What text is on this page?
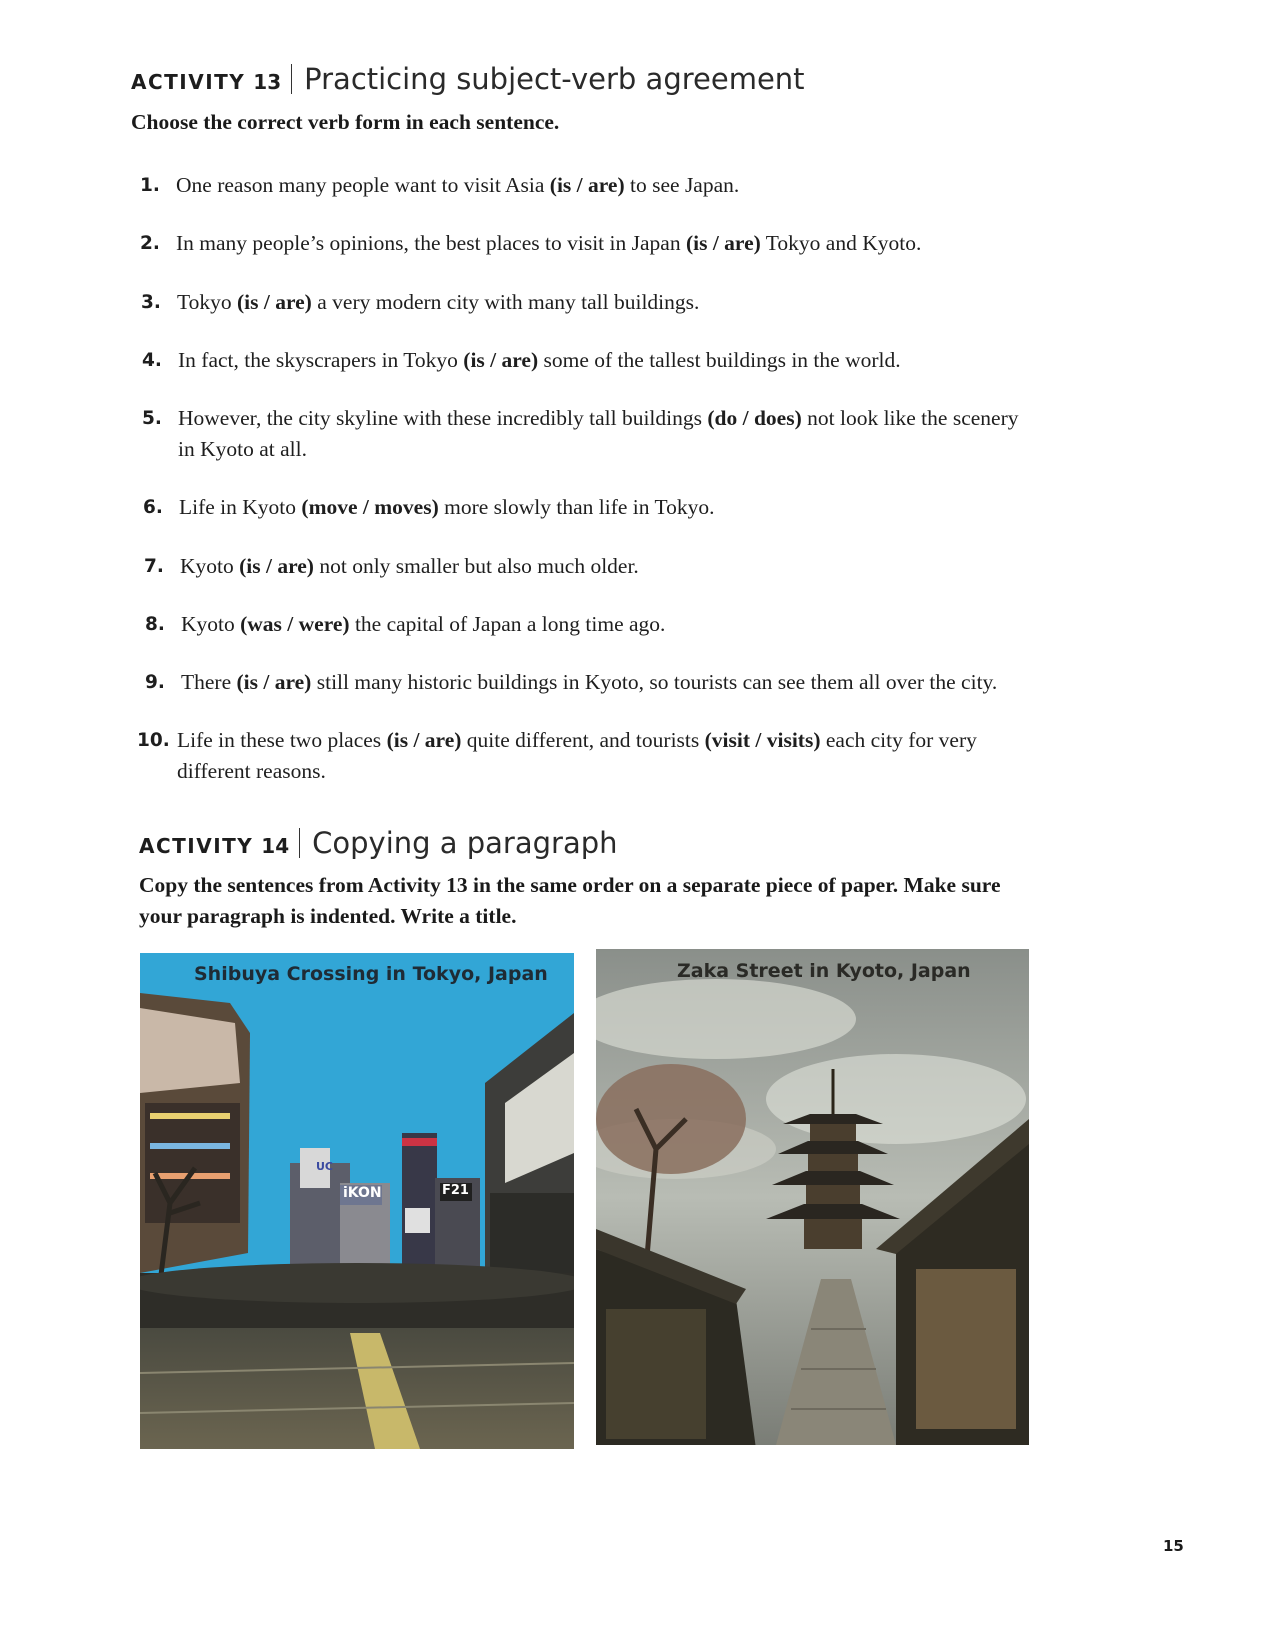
ACTIVITY 13 Practicing subject-verb agreement
Choose the correct verb form in each sentence.
1. One reason many people want to visit Asia (is / are) to see Japan.
2. In many people’s opinions, the best places to visit in Japan (is / are) Tokyo and Kyoto.
3. Tokyo (is / are) a very modern city with many tall buildings.
4. In fact, the skyscrapers in Tokyo (is / are) some of the tallest buildings in the world.
5. However, the city skyline with these incredibly tall buildings (do / does) not look like the scenery in Kyoto at all.
6. Life in Kyoto (move / moves) more slowly than life in Tokyo.
7. Kyoto (is / are) not only smaller but also much older.
8. Kyoto (was / were) the capital of Japan a long time ago.
9. There (is / are) still many historic buildings in Kyoto, so tourists can see them all over the city.
10. Life in these two places (is / are) quite different, and tourists (visit / visits) each city for very different reasons.
ACTIVITY 14 Copying a paragraph
Copy the sentences from Activity 13 in the same order on a separate piece of paper. Make sure your paragraph is indented. Write a title.
iKON	F21
UC
Shibuya Crossing in Tokyo, Japan	Zaka Street in Kyoto, Japan
15
